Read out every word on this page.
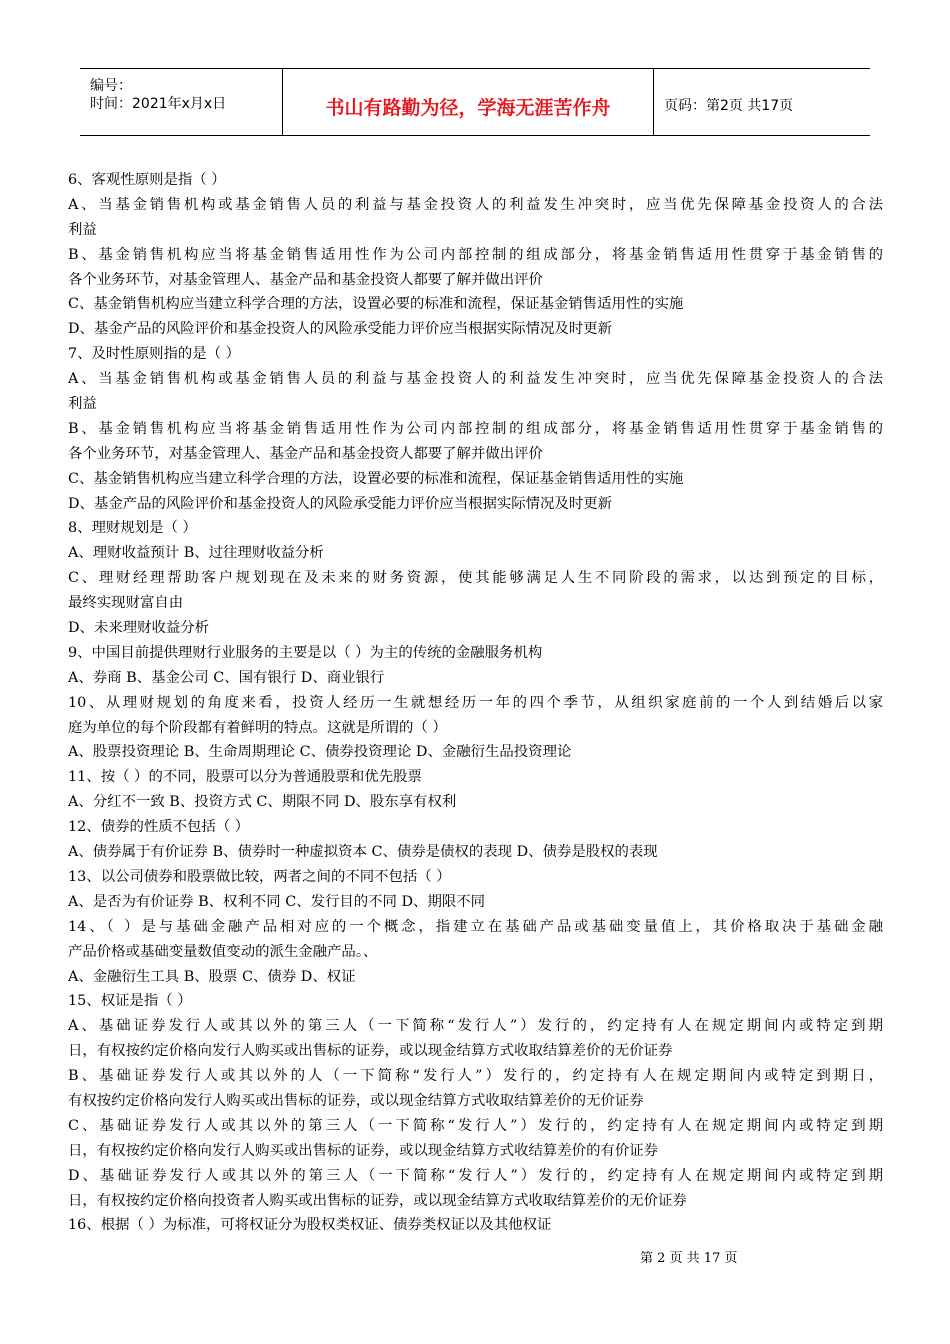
编号：
时间：2021年x月x日	书山有路勤为径，学海无涯苦作舟	页码：第2页 共17页
6、客观性原则是指（ ）
A、当基金销售机构或基金销售人员的利益与基金投资人的利益发生冲突时，应当优先保障基金投资人的合法
利益
B、基金销售机构应当将基金销售适用性作为公司内部控制的组成部分，将基金销售适用性贯穿于基金销售的
各个业务环节，对基金管理人、基金产品和基金投资人都要了解并做出评价
C、基金销售机构应当建立科学合理的方法，设置必要的标准和流程，保证基金销售适用性的实施
D、基金产品的风险评价和基金投资人的风险承受能力评价应当根据实际情况及时更新
7、及时性原则指的是（ ）
A、当基金销售机构或基金销售人员的利益与基金投资人的利益发生冲突时，应当优先保障基金投资人的合法
利益
B、基金销售机构应当将基金销售适用性作为公司内部控制的组成部分，将基金销售适用性贯穿于基金销售的
各个业务环节，对基金管理人、基金产品和基金投资人都要了解并做出评价
C、基金销售机构应当建立科学合理的方法，设置必要的标准和流程，保证基金销售适用性的实施
D、基金产品的风险评价和基金投资人的风险承受能力评价应当根据实际情况及时更新
8、理财规划是（ ）
A、理财收益预计 B、过往理财收益分析
C、理财经理帮助客户规划现在及未来的财务资源，使其能够满足人生不同阶段的需求，以达到预定的目标，
最终实现财富自由
D、未来理财收益分析
9、中国目前提供理财行业服务的主要是以（ ）为主的传统的金融服务机构
A、券商 B、基金公司 C、国有银行 D、商业银行
10、从理财规划的角度来看，投资人经历一生就想经历一年的四个季节，从组织家庭前的一个人到结婚后以家
庭为单位的每个阶段都有着鲜明的特点。这就是所谓的（ ）
A、股票投资理论 B、生命周期理论 C、债券投资理论 D、金融衍生品投资理论
11、按（ ）的不同，股票可以分为普通股票和优先股票
A、分红不一致 B、投资方式 C、期限不同 D、股东享有权利
12、债券的性质不包括（ ）
A、债券属于有价证券 B、债券时一种虚拟资本 C、债券是债权的表现 D、债券是股权的表现
13、以公司债券和股票做比较，两者之间的不同不包括（ ）
A、是否为有价证券 B、权利不同 C、发行目的不同 D、期限不同
14、（ ）是与基础金融产品相对应的一个概念，指建立在基础产品或基础变量值上，其价格取决于基础金融
产品价格或基础变量数值变动的派生金融产品。、
A、金融衍生工具 B、股票 C、债券 D、权证
15、权证是指（ ）
A、基础证券发行人或其以外的第三人（一下简称“发行人”）发行的，约定持有人在规定期间内或特定到期
日，有权按约定价格向发行人购买或出售标的证券，或以现金结算方式收取结算差价的无价证券
B、基础证券发行人或其以外的人（一下简称“发行人”）发行的，约定持有人在规定期间内或特定到期日，
有权按约定价格向发行人购买或出售标的证券，或以现金结算方式收取结算差价的无价证券
C、基础证券发行人或其以外的第三人（一下简称“发行人”）发行的，约定持有人在规定期间内或特定到期
日，有权按约定价格向发行人购买或出售标的证券，或以现金结算方式收结算差价的有价证券
D、基础证券发行人或其以外的第三人（一下简称“发行人”）发行的，约定持有人在规定期间内或特定到期
日，有权按约定价格向投资者人购买或出售标的证券，或以现金结算方式收取结算差价的无价证券
16、根据（ ）为标准，可将权证分为股权类权证、债券类权证以及其他权证
第 2 页 共 17 页
